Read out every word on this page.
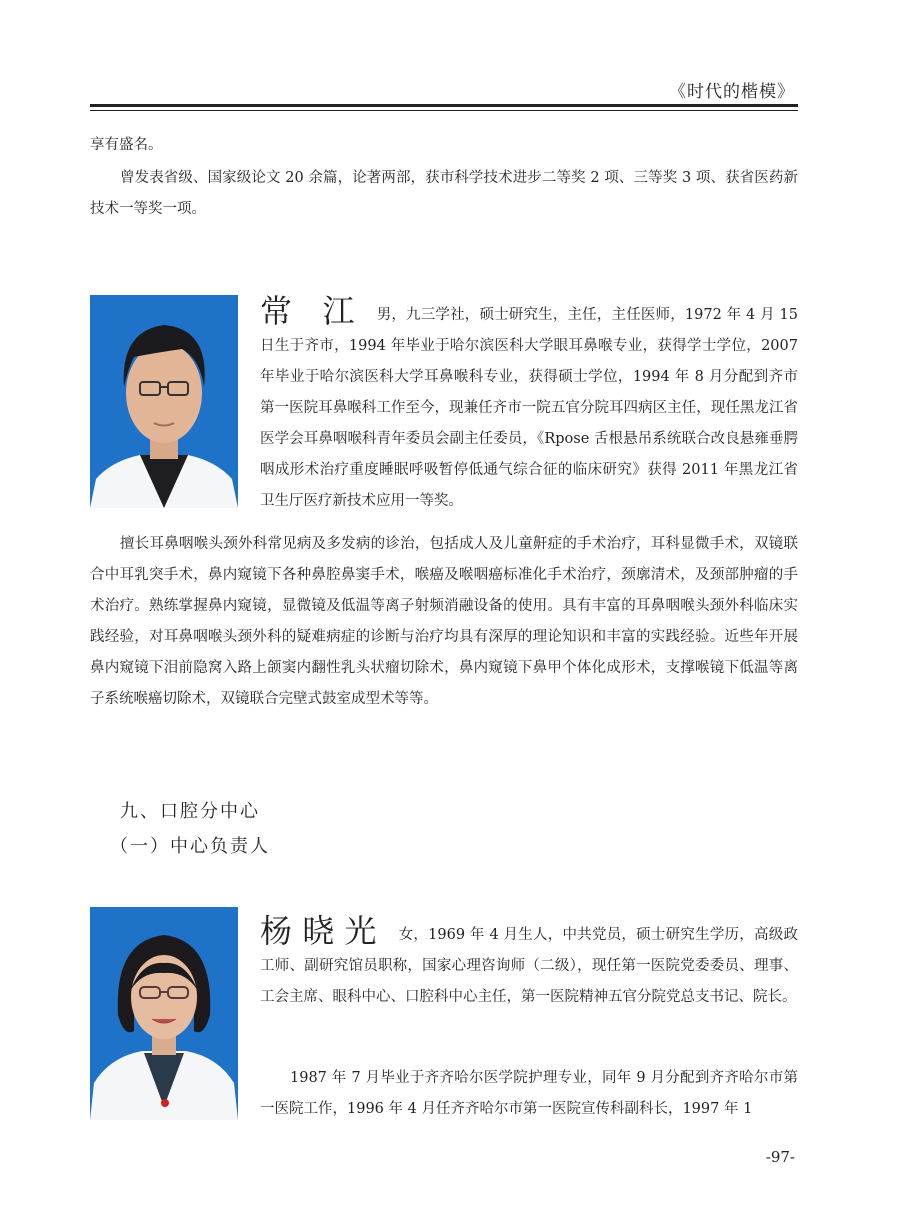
《时代的楷模》

享有盛名。

曾发表省级、国家级论文 20 余篇，论著两部，获市科学技术进步二等奖 2 项、三等奖 3 项、获省医药新技术一等奖一项。

常 江 男，九三学社，硕士研究生，主任，主任医师，1972 年 4 月 15 日生于齐市，1994 年毕业于哈尔滨医科大学眼耳鼻喉专业，获得学士学位，2007 年毕业于哈尔滨医科大学耳鼻喉科专业，获得硕士学位，1994 年 8 月分配到齐市第一医院耳鼻喉科工作至今，现兼任齐市一院五官分院耳四病区主任，现任黑龙江省医学会耳鼻咽喉科青年委员会副主任委员，《Rpose 舌根悬吊系统联合改良悬雍垂腭咽成形术治疗重度睡眠呼吸暂停低通气综合征的临床研究》获得 2011 年黑龙江省卫生厅医疗新技术应用一等奖。

擅长耳鼻咽喉头颈外科常见病及多发病的诊治，包括成人及儿童鼾症的手术治疗，耳科显微手术，双镜联合中耳乳突手术，鼻内窥镜下各种鼻腔鼻窦手术，喉癌及喉咽癌标准化手术治疗，颈廓清术，及颈部肿瘤的手术治疗。熟练掌握鼻内窥镜，显微镜及低温等离子射频消融设备的使用。具有丰富的耳鼻咽喉头颈外科临床实践经验，对耳鼻咽喉头颈外科的疑难病症的诊断与治疗均具有深厚的理论知识和丰富的实践经验。近些年开展鼻内窥镜下泪前隐窝入路上颌窦内翻性乳头状瘤切除术，鼻内窥镜下鼻甲个体化成形术，支撑喉镜下低温等离子系统喉癌切除术，双镜联合完壁式鼓室成型术等等。

九、口腔分中心
（一）中心负责人

杨晓光 女，1969 年 4 月生人，中共党员，硕士研究生学历，高级政工师、副研究馆员职称，国家心理咨询师（二级），现任第一医院党委委员、理事、工会主席、眼科中心、口腔科中心主任，第一医院精神五官分院党总支书记、院长。

1987 年 7 月毕业于齐齐哈尔医学院护理专业，同年 9 月分配到齐齐哈尔市第一医院工作，1996 年 4 月任齐齐哈尔市第一医院宣传科副科长，1997 年 1

-97-
